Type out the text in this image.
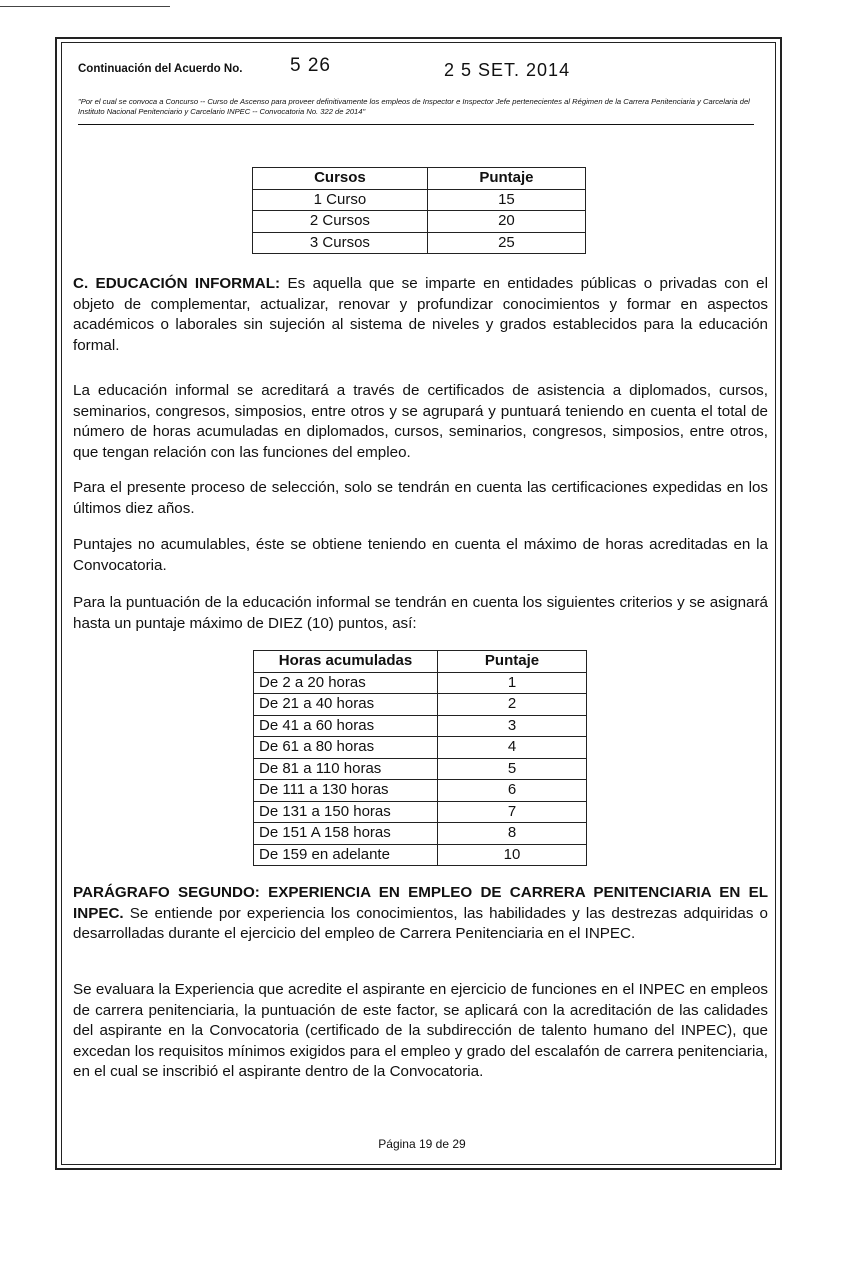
Continuación del Acuerdo No.	5 26	2 5 SET. 2014
"Por el cual se convoca a Concurso -- Curso de Ascenso para proveer definitivamente los empleos de Inspector e Inspector Jefe pertenecientes al Régimen de la Carrera Penitenciaria y Carcelaria del Instituto Nacional Penitenciario y Carcelario INPEC -- Convocatoria No. 322 de 2014"
Cursos	Puntaje
1 Curso	15
2 Cursos	20
3 Cursos	25

C. EDUCACIÓN INFORMAL: Es aquella que se imparte en entidades públicas o privadas con el objeto de complementar, actualizar, renovar y profundizar conocimientos y formar en aspectos académicos o laborales sin sujeción al sistema de niveles y grados establecidos para la educación formal.

La educación informal se acreditará a través de certificados de asistencia a diplomados, cursos, seminarios, congresos, simposios, entre otros y se agrupará y puntuará teniendo en cuenta el total de número de horas acumuladas en diplomados, cursos, seminarios, congresos, simposios, entre otros, que tengan relación con las funciones del empleo.

Para el presente proceso de selección, solo se tendrán en cuenta las certificaciones expedidas en los últimos diez años.

Puntajes no acumulables, éste se obtiene teniendo en cuenta el máximo de horas acreditadas en la Convocatoria.

Para la puntuación de la educación informal se tendrán en cuenta los siguientes criterios y se asignará hasta un puntaje máximo de DIEZ (10) puntos, así:

Horas acumuladas	Puntaje
De 2 a 20 horas	1
De 21 a 40 horas	2
De 41 a 60 horas	3
De 61 a 80 horas	4
De 81 a 110 horas	5
De 111 a 130 horas	6
De 131 a 150 horas	7
De 151 A 158 horas	8
De 159 en adelante	10

PARÁGRAFO SEGUNDO: EXPERIENCIA EN EMPLEO DE CARRERA PENITENCIARIA EN EL INPEC. Se entiende por experiencia los conocimientos, las habilidades y las destrezas adquiridas o desarrolladas durante el ejercicio del empleo de Carrera Penitenciaria en el INPEC.

Se evaluara la Experiencia que acredite el aspirante en ejercicio de funciones en el INPEC en empleos de carrera penitenciaria, la puntuación de este factor, se aplicará con la acreditación de las calidades del aspirante en la Convocatoria (certificado de la subdirección de talento humano del INPEC), que excedan los requisitos mínimos exigidos para el empleo y grado del escalafón de carrera penitenciaria, en el cual se inscribió el aspirante dentro de la Convocatoria.

Página 19 de 29
